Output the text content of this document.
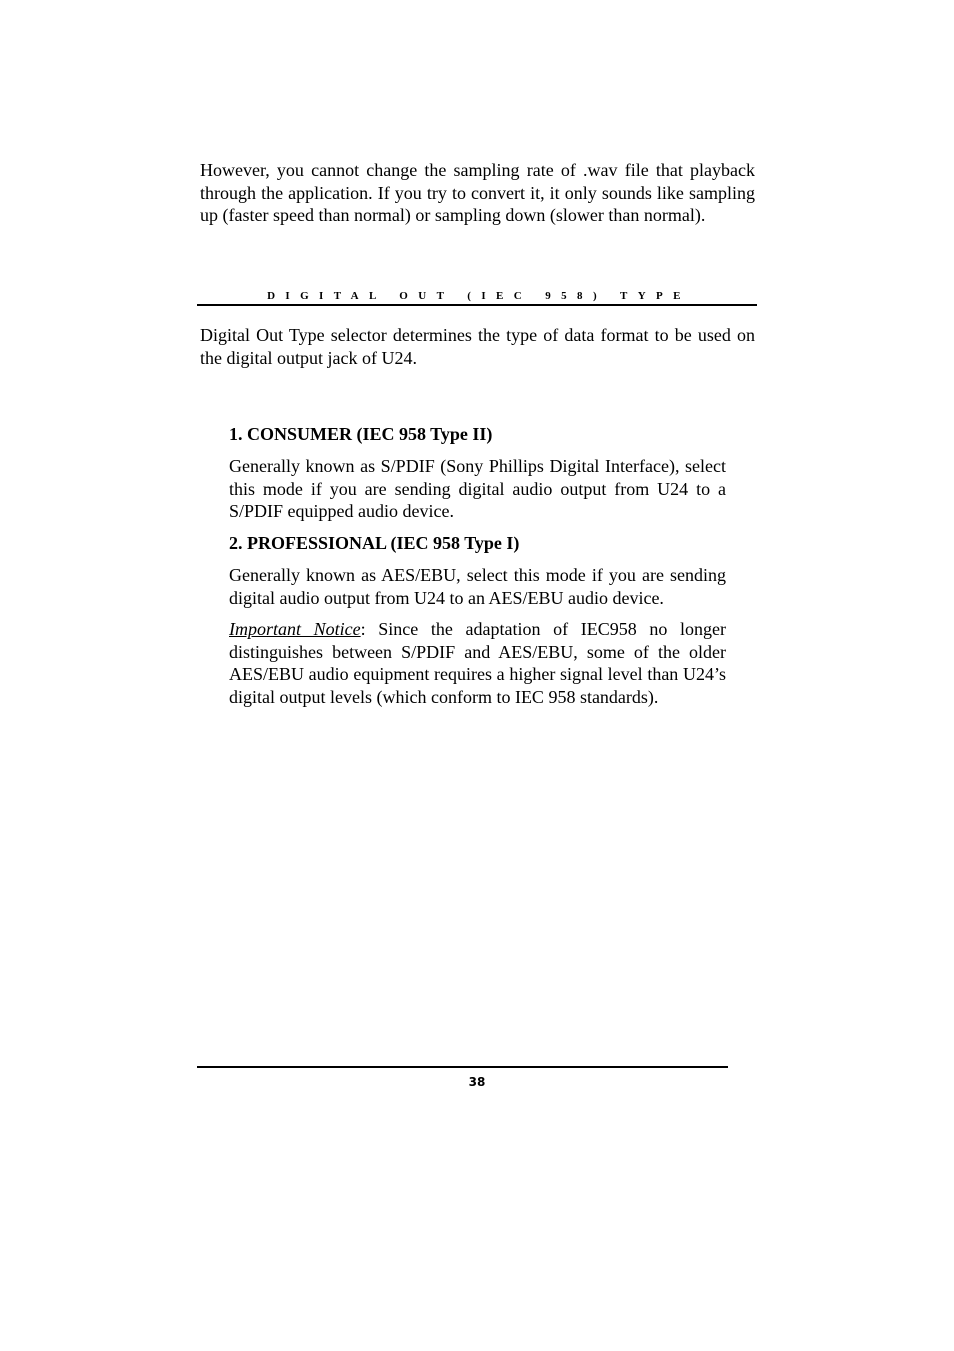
However, you cannot change the sampling rate of .wav file that playback through the application. If you try to convert it, it only sounds like sampling up (faster speed than normal) or sampling down (slower than normal).

DIGITAL OUT (IEC 958) TYPE

Digital Out Type selector determines the type of data format to be used on the digital output jack of U24.

1. CONSUMER (IEC 958 Type II)

Generally known as S/PDIF (Sony Phillips Digital Interface), select this mode if you are sending digital audio output from U24 to a S/PDIF equipped audio device.

2. PROFESSIONAL (IEC 958 Type I)

Generally known as AES/EBU, select this mode if you are sending digital audio output from U24 to an AES/EBU audio device.

Important Notice: Since the adaptation of IEC958 no longer distinguishes between S/PDIF and AES/EBU, some of the older AES/EBU audio equipment requires a higher signal level than U24’s digital output levels (which conform to IEC 958 standards).

38
